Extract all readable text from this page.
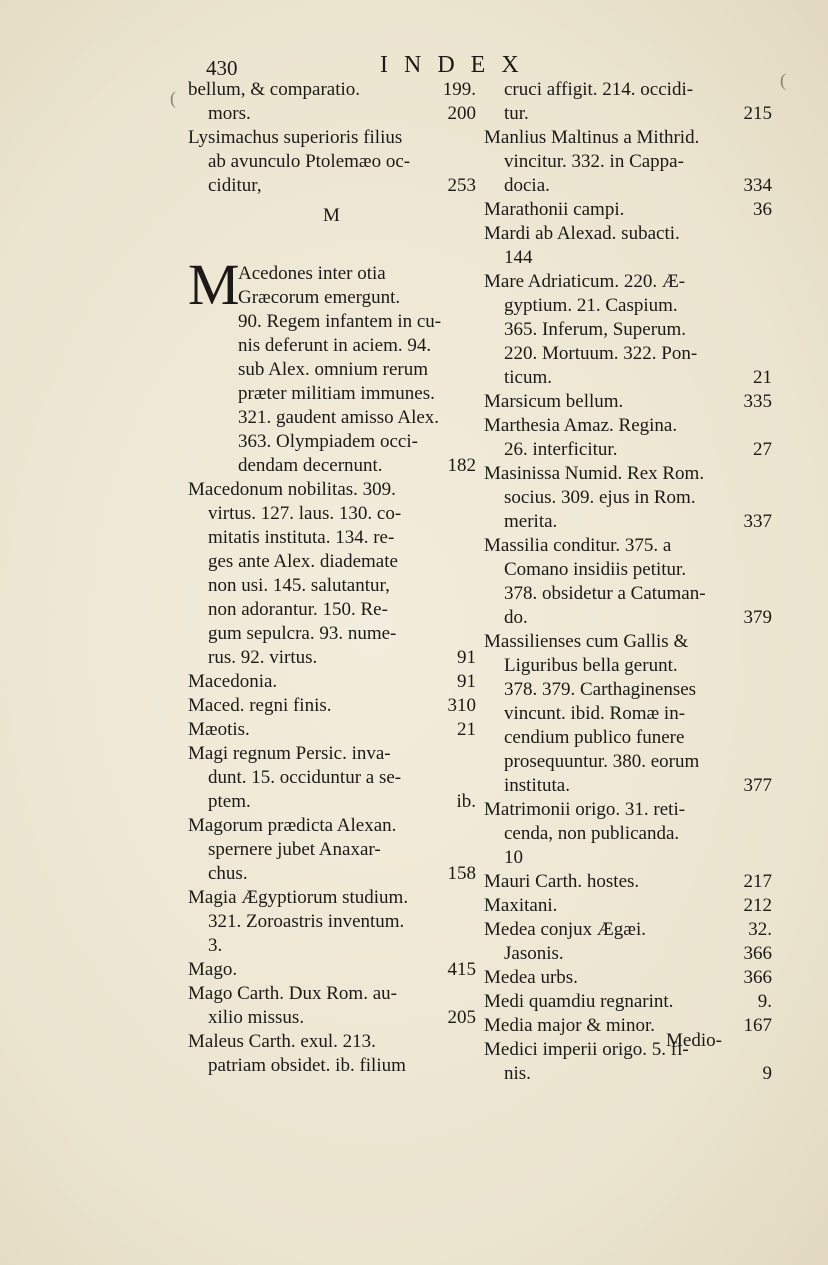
430	INDEX
bellum, & comparatio.	199.
mors.	200
Lysimachus superioris filius
ab avunculo Ptolemæo oc-
ciditur,	253
M
M
Acedones inter otia
Græcorum emergunt.
90. Regem infantem in cu-
nis deferunt in aciem. 94.
sub Alex. omnium rerum
præter militiam immunes.
321. gaudent amisso Alex.
363. Olympiadem occi-
dendam decernunt.	182
Macedonum nobilitas. 309.
virtus. 127. laus. 130. co-
mitatis instituta. 134. re-
ges ante Alex. diademate
non usi. 145. salutantur,
non adorantur. 150. Re-
gum sepulcra. 93. nume-
rus. 92. virtus.	91
Macedonia.	91
Maced. regni finis.	310
Mæotis.	21
Magi regnum Persic. inva-
dunt. 15. occiduntur a se-
ptem.	ib.
Magorum prædicta Alexan.
spernere jubet Anaxar-
chus.	158
Magia Ægyptiorum studium.
321. Zoroastris inventum.
3.
Mago.	415
Mago Carth. Dux Rom. au-
xilio missus.	205
Maleus Carth. exul. 213.
patriam obsidet. ib. filium
cruci affigit. 214. occidi-
tur.	215
Manlius Maltinus a Mithrid.
vincitur. 332. in Cappa-
docia.	334
Marathonii campi.	36
Mardi ab Alexad. subacti.
144
Mare Adriaticum. 220. Æ-
gyptium. 21. Caspium.
365. Inferum, Superum.
220. Mortuum. 322. Pon-
ticum.	21
Marsicum bellum.	335
Marthesia Amaz. Regina.
26. interficitur.	27
Masinissa Numid. Rex Rom.
socius. 309. ejus in Rom.
merita.	337
Massilia conditur. 375. a
Comano insidiis petitur.
378. obsidetur a Catuman-
do.	379
Massilienses cum Gallis &
Liguribus bella gerunt.
378. 379. Carthaginenses
vincunt. ibid. Romæ in-
cendium publico funere
prosequuntur. 380. eorum
instituta.	377
Matrimonii origo. 31. reti-
cenda, non publicanda.
10
Mauri Carth. hostes.	217
Maxitani.	212
Medea conjux Ægæi.	32.
Jasonis.	366
Medea urbs.	366
Medi quamdiu regnarint.	9.
Media major & minor.	167
Medici imperii origo. 5. fi-
nis.	9
Medio-
(
(
